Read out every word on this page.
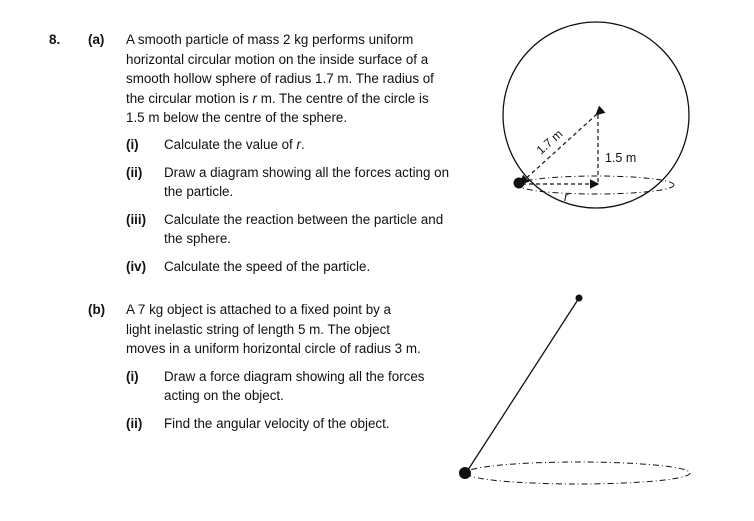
8. (a) A smooth particle of mass 2 kg performs uniform
horizontal circular motion on the inside surface of a
smooth hollow sphere of radius 1.7 m. The radius of
the circular motion is r m. The centre of the circle is
1.5 m below the centre of the sphere.
(i) Calculate the value of r.
(ii) Draw a diagram showing all the forces acting on
the particle.
(iii) Calculate the reaction between the particle and
the sphere.
(iv) Calculate the speed of the particle.
(b) A 7 kg object is attached to a fixed point by a
light inelastic string of length 5 m. The object
moves in a uniform horizontal circle of radius 3 m.
(i) Draw a force diagram showing all the forces
acting on the object.
(ii) Find the angular velocity of the object.
1.7 m
1.5 m
r
